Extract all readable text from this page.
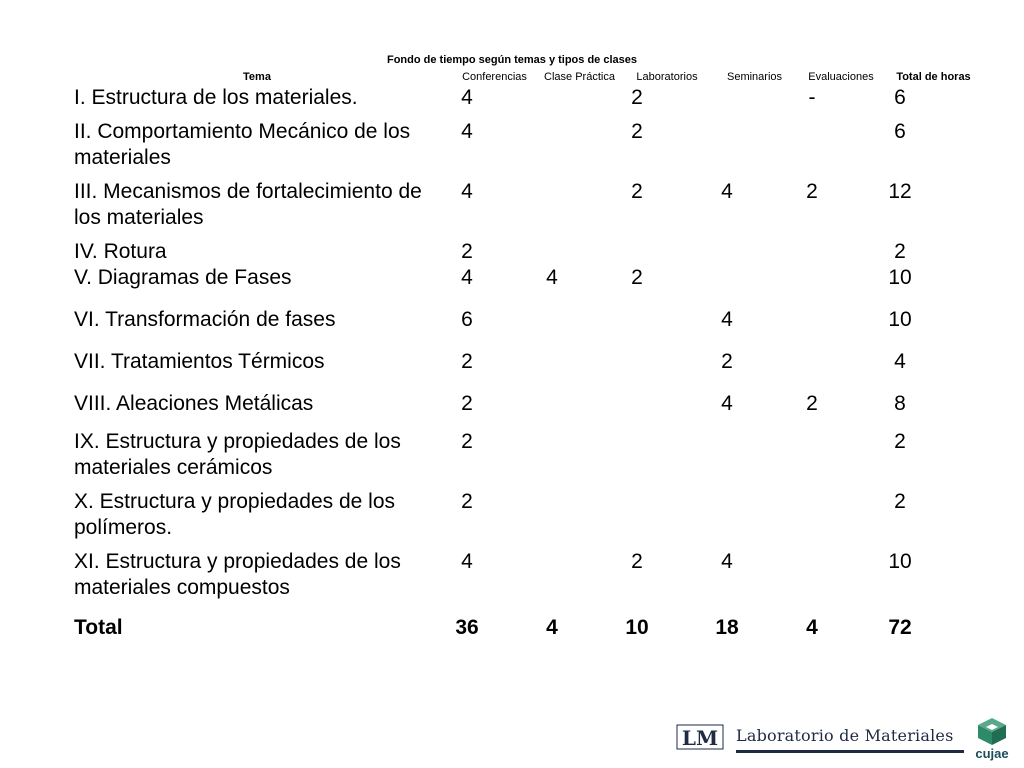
Fondo de tiempo según temas y tipos de clases
Tema	Conferencias	Clase Práctica	Laboratorios	Seminarios	Evaluaciones	Total de horas
I. Estructura de los materiales.	4		2		-	6
II. Comportamiento Mecánico de los materiales	4		2			6
III. Mecanismos de fortalecimiento de los materiales	4		2	4	2	12
IV. Rotura	2					2
V. Diagramas de Fases	4	4	2			10
VI. Transformación de fases	6			4		10
VII. Tratamientos Térmicos	2			2		4
VIII. Aleaciones Metálicas	2			4	2	8
IX. Estructura y propiedades de los materiales cerámicos	2					2
X. Estructura y propiedades de los polímeros.	2					2
XI. Estructura y propiedades de los materiales compuestos	4		2	4		10
Total	36	4	10	18	4	72
LM Laboratorio de Materiales
cujae
